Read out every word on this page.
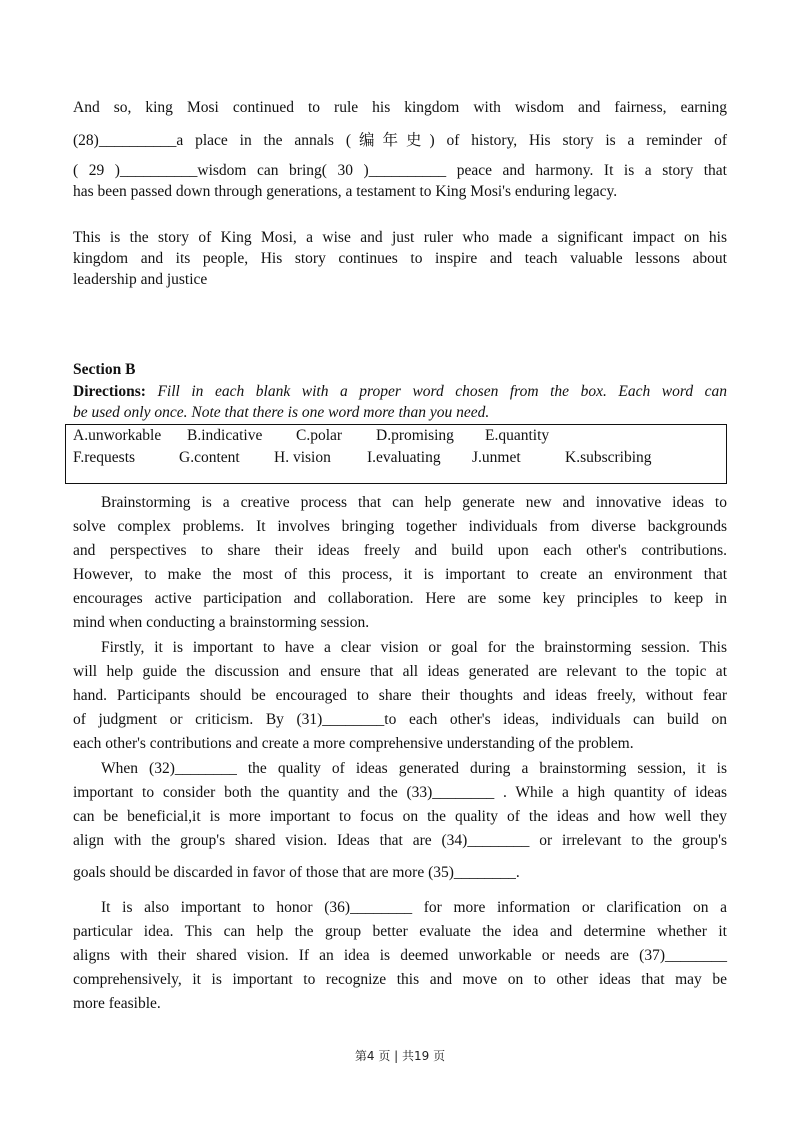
And so, king Mosi continued to rule his kingdom with wisdom and fairness, earning
(28)__________a place in the annals (编年史) of history, His story is a reminder of
( 29 )__________wisdom can bring( 30 )__________ peace and harmony. It is a story that
has been passed down through generations, a testament to King Mosi's enduring legacy.
This is the story of King Mosi, a wise and just ruler who made a significant impact on his
kingdom and its people, His story continues to inspire and teach valuable lessons about
leadership and justice
Section B
Directions: Fill in each blank with a proper word chosen from the box. Each word can
be used only once. Note that there is one word more than you need.
A.unworkable B.indicative C.polar D.promising E.quantity
F.requests	G.content H. vision I.evaluating J.unmet	K.subscribing
Brainstorming is a creative process that can help generate new and innovative ideas to
solve complex problems. It involves bringing together individuals from diverse backgrounds
and perspectives to share their ideas freely and build upon each other's contributions.
However, to make the most of this process, it is important to create an environment that
encourages active participation and collaboration. Here are some key principles to keep in
mind when conducting a brainstorming session.
Firstly, it is important to have a clear vision or goal for the brainstorming session. This
will help guide the discussion and ensure that all ideas generated are relevant to the topic at
hand. Participants should be encouraged to share their thoughts and ideas freely, without fear
of judgment or criticism. By (31)________to each other's ideas, individuals can build on
each other's contributions and create a more comprehensive understanding of the problem.
When (32)________ the quality of ideas generated during a brainstorming session, it is
important to consider both the quantity and the (33)________ . While a high quantity of ideas
can be beneficial,it is more important to focus on the quality of the ideas and how well they
align with the group's shared vision. Ideas that are (34)________ or irrelevant to the group's
goals should be discarded in favor of those that are more (35)________.
It is also important to honor (36)________ for more information or clarification on a
particular idea. This can help the group better evaluate the idea and determine whether it
aligns with their shared vision. If an idea is deemed unworkable or needs are (37)________
comprehensively, it is important to recognize this and move on to other ideas that may be
more feasible.
第4 页 | 共19 页
